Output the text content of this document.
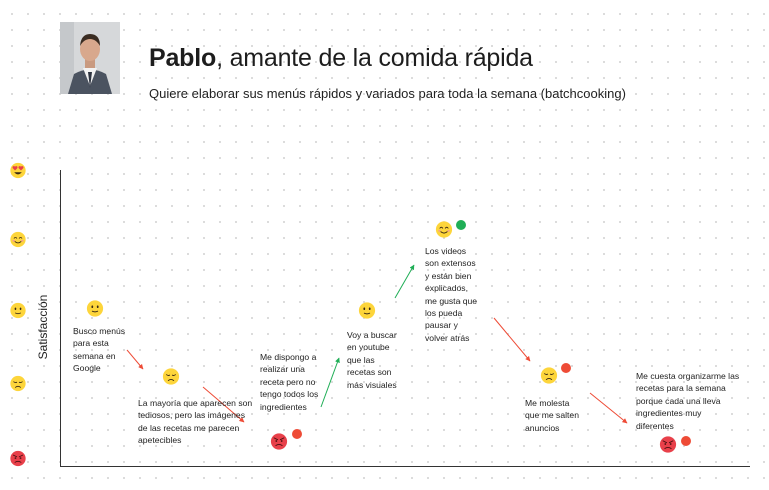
Pablo, amante de la comida rápida
Quiere elaborar sus menús rápidos y variados para toda la semana (batchcooking)
Satisfacción	Busco menús para esta semana en Google
La mayoría que aparecen son tediosos, pero las imágenes de las recetas me parecen apetecibles
Me dispongo a realizar una receta pero no tengo todos los ingredientes
Voy a buscar en youtube que las recetas son más visuales
Los videos son extensos y están bien explicados, me gusta que los pueda pausar y volver atrás
Me molesta que me salten anuncios
Me cuesta organizarme las recetas para la semana porque cada una lleva ingredientes muy diferentes
